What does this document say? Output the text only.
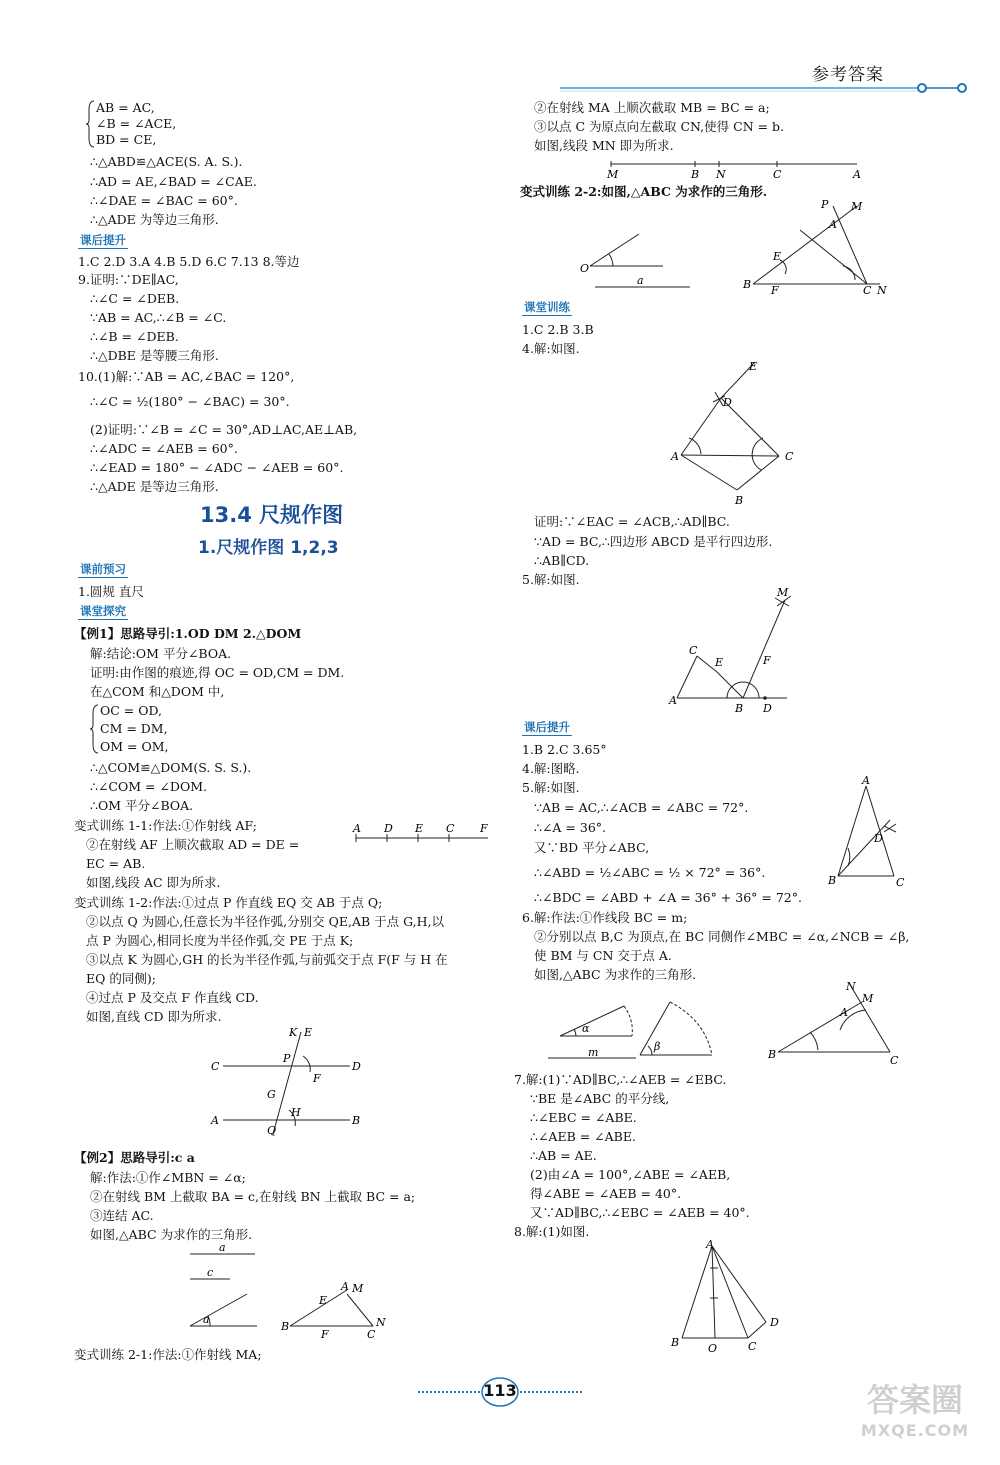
参考答案
AB = AC,
∠B = ∠ACE,
BD = CE,
∴△ABD≌△ACE(S. A. S.).
∴AD = AE,∠BAD = ∠CAE.
∴∠DAE = ∠BAC = 60°.
∴△ADE 为等边三角形.
课后提升
1.C 2.D 3.A 4.B 5.D 6.C 7.13 8.等边
9.证明:∵DE∥AC,
∴∠C = ∠DEB.
∵AB = AC,∴∠B = ∠C.
∴∠B = ∠DEB.
∴△DBE 是等腰三角形.
10.(1)解:∵AB = AC,∠BAC = 120°,
∴∠C = ½(180° − ∠BAC) = 30°.
(2)证明:∵∠B = ∠C = 30°,AD⊥AC,AE⊥AB,
∴∠ADC = ∠AEB = 60°.
∴∠EAD = 180° − ∠ADC − ∠AEB = 60°.
∴△ADE 是等边三角形.
13.4 尺规作图
1.尺规作图 1,2,3
课前预习
1.圆规 直尺
课堂探究
【例1】思路导引:1.OD DM 2.△DOM
解:结论:OM 平分∠BOA.
证明:由作图的痕迹,得 OC = OD,CM = DM.
在△COM 和△DOM 中,
OC = OD,
CM = DM,
OM = OM,
∴△COM≌△DOM(S. S. S.).
∴∠COM = ∠DOM.
∴OM 平分∠BOA.
变式训练 1-1:作法:①作射线 AF;
②在射线 AF 上顺次截取 AD = DE =
EC = AB.
如图,线段 AC 即为所求.
A D E C F
变式训练 1-2:作法:①过点 P 作直线 EQ 交 AB 于点 Q;
②以点 Q 为圆心,任意长为半径作弧,分别交 QE,AB 于点 G,H,以
点 P 为圆心,相同长度为半径作弧,交 PE 于点 K;
③以点 K 为圆心,GH 的长为半径作弧,与前弧交于点 F(F 与 H 在
EQ 的同侧);
④过点 P 及交点 F 作直线 CD.
如图,直线 CD 即为所求.
K E
P
C
F
D
G
H
A
Q
B
【例2】思路导引:c a
解:作法:①作∠MBN = ∠α;
②在射线 BM 上截取 BA = c,在射线 BN 上截取 BC = a;
③连结 AC.
如图,△ABC 为求作的三角形.
a
c
a
A M
E
B
F	C
N
变式训练 2-1:作法:①作射线 MA;
②在射线 MA 上顺次截取 MB = BC = a;
③以点 C 为原点向左截取 CN,使得 CN = b.
如图,线段 MN 即为所求.
M	B N	C	A
变式训练 2-2:如图,△ABC 为求作的三角形.
O
a
P M
A
E
B F	C N
课堂训练
1.C 2.B 3.B
4.解:如图.
E
D
A	C
B
证明:∵∠EAC = ∠ACB,∴AD∥BC.
∵AD = BC,∴四边形 ABCD 是平行四边形.
∴AB∥CD.
5.解:如图.
M
C
E	F
A
B D
课后提升
1.B 2.C 3.65°
4.解:图略.
5.解:如图.
∵AB = AC,∴∠ACB = ∠ABC = 72°.
∴∠A = 36°.
又∵BD 平分∠ABC,
∴∠ABD = ½∠ABC = ½ × 72° = 36°.
∴∠BDC = ∠ABD + ∠A = 36° + 36° = 72°.
A
D
B	C
6.解:作法:①作线段 BC = m;
②分别以点 B,C 为顶点,在 BC 同侧作∠MBC = ∠α,∠NCB = ∠β,
使 BM 与 CN 交于点 A.
如图,△ABC 为求作的三角形.
α
m	β
N
M
A
B	C
7.解:(1)∵AD∥BC,∴∠AEB = ∠EBC.
∵BE 是∠ABC 的平分线,
∴∠EBC = ∠ABE.
∴∠AEB = ∠ABE.
∴AB = AE.
(2)由∠A = 100°,∠ABE = ∠AEB,
得∠ABE = ∠AEB = 40°.
又∵AD∥BC,∴∠EBC = ∠AEB = 40°.
8.解:(1)如图.
A
D
B	O	C
113	答案圈
MXQE.COM
